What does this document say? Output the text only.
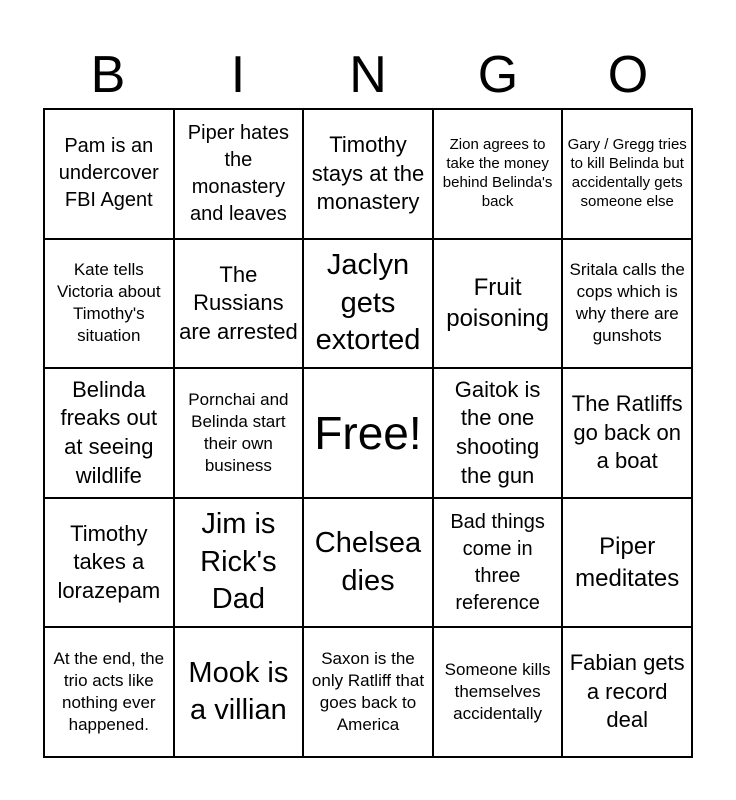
B	I	N	G	O
Pam is an undercover FBI Agent
Piper hates the monastery and leaves
Timothy stays at the monastery
Zion agrees to take the money behind Belinda's back
Gary / Gregg tries to kill Belinda but accidentally gets someone else
Kate tells Victoria about Timothy's situation
The Russians are arrested
Jaclyn gets extorted
Fruit poisoning
Sritala calls the cops which is why there are gunshots
Belinda freaks out at seeing wildlife
Pornchai and Belinda start their own business
Free!
Gaitok is the one shooting the gun
The Ratliffs go back on a boat
Timothy takes a lorazepam
Jim is Rick's Dad
Chelsea dies
Bad things come in three reference
Piper meditates
At the end, the trio acts like nothing ever happened.
Mook is a villian
Saxon is the only Ratliff that goes back to America
Someone kills themselves accidentally
Fabian gets a record deal
